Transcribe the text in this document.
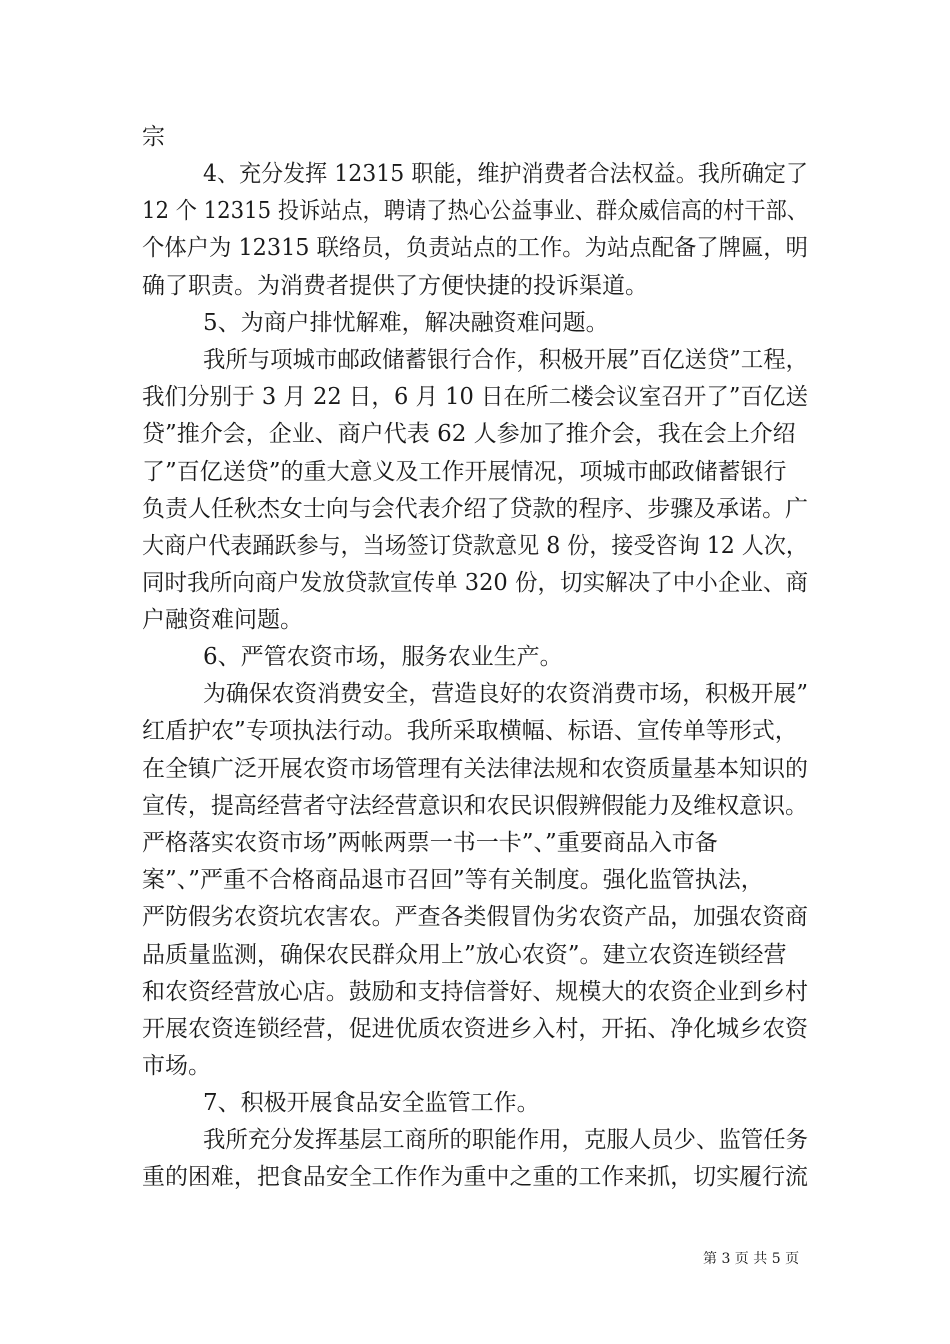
宗
4、充分发挥 12315 职能，维护消费者合法权益。我所确定了
12 个 12315 投诉站点，聘请了热心公益事业、群众威信高的村干部、
个体户为 12315 联络员，负责站点的工作。为站点配备了牌匾，明
确了职责。为消费者提供了方便快捷的投诉渠道。
5、为商户排忧解难，解决融资难问题。
我所与项城市邮政储蓄银行合作，积极开展”百亿送贷”工程，
我们分别于 3 月 22 日，6 月 10 日在所二楼会议室召开了”百亿送
贷”推介会，企业、商户代表 62 人参加了推介会，我在会上介绍
了”百亿送贷”的重大意义及工作开展情况，项城市邮政储蓄银行
负责人任秋杰女士向与会代表介绍了贷款的程序、步骤及承诺。广
大商户代表踊跃参与，当场签订贷款意见 8 份，接受咨询 12 人次，
同时我所向商户发放贷款宣传单 320 份，切实解决了中小企业、商
户融资难问题。
6、严管农资市场，服务农业生产。
为确保农资消费安全，营造良好的农资消费市场，积极开展”
红盾护农”专项执法行动。我所采取横幅、标语、宣传单等形式，
在全镇广泛开展农资市场管理有关法律法规和农资质量基本知识的
宣传，提高经营者守法经营意识和农民识假辨假能力及维权意识。
严格落实农资市场”两帐两票一书一卡”、”重要商品入市备
案”、”严重不合格商品退市召回”等有关制度。强化监管执法，
严防假劣农资坑农害农。严查各类假冒伪劣农资产品，加强农资商
品质量监测，确保农民群众用上”放心农资”。建立农资连锁经营
和农资经营放心店。鼓励和支持信誉好、规模大的农资企业到乡村
开展农资连锁经营，促进优质农资进乡入村，开拓、净化城乡农资
市场。
7、积极开展食品安全监管工作。
我所充分发挥基层工商所的职能作用，克服人员少、监管任务
重的困难，把食品安全工作作为重中之重的工作来抓，切实履行流
第 3 页 共 5 页
